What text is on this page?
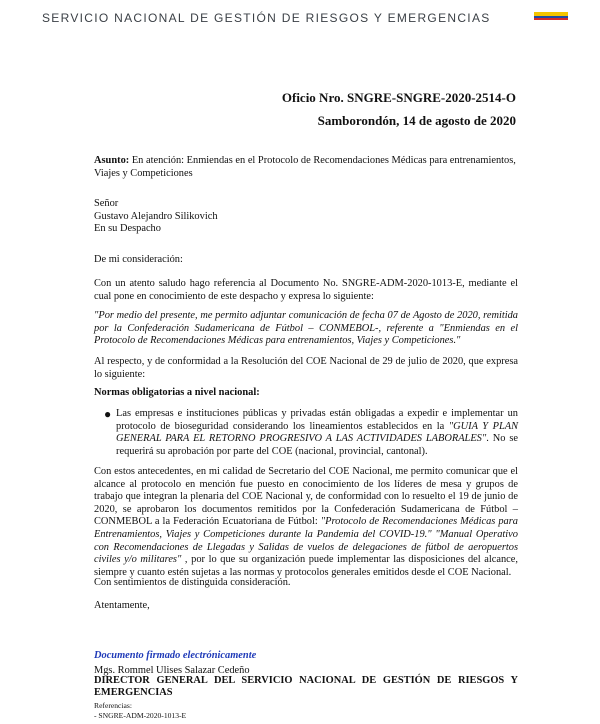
SERVICIO NACIONAL DE GESTIÓN DE RIESGOS Y EMERGENCIAS
Oficio Nro. SNGRE-SNGRE-2020-2514-O
Samborondón, 14 de agosto de 2020
Asunto: En atención: Enmiendas en el Protocolo de Recomendaciones Médicas para entrenamientos, Viajes y Competiciones
Señor
Gustavo Alejandro Silikovich
En su Despacho
De mi consideración:
Con un atento saludo hago referencia al Documento No. SNGRE-ADM-2020-1013-E, mediante el cual pone en conocimiento de este despacho y expresa lo siguiente:
"Por medio del presente, me permito adjuntar comunicación de fecha 07 de Agosto de 2020, remitida por la Confederación Sudamericana de Fútbol – CONMEBOL-, referente a "Enmiendas en el Protocolo de Recomendaciones Médicas para entrenamientos, Viajes y Competiciones."
Al respecto, y de conformidad a la Resolución del COE Nacional de 29 de julio de 2020, que expresa lo siguiente:
Normas obligatorias a nivel nacional:
● Las empresas e instituciones públicas y privadas están obligadas a expedir e implementar un protocolo de bioseguridad considerando los lineamientos establecidos en la "GUIA Y PLAN GENERAL PARA EL RETORNO PROGRESIVO A LAS ACTIVIDADES LABORALES". No se requerirá su aprobación por parte del COE (nacional, provincial, cantonal).
Con estos antecedentes, en mi calidad de Secretario del COE Nacional, me permito comunicar que el alcance al protocolo en mención fue puesto en conocimiento de los líderes de mesa y grupos de trabajo que integran la plenaria del COE Nacional y, de conformidad con lo resuelto el 19 de junio de 2020, se aprobaron los documentos remitidos por la Confederación Sudamericana de Fútbol – CONMEBOL a la Federación Ecuatoriana de Fútbol: "Protocolo de Recomendaciones Médicas para Entrenamientos, Viajes y Competiciones durante la Pandemia del COVID-19." "Manual Operativo con Recomendaciones de Llegadas y Salidas de vuelos de delegaciones de fútbol de aeropuertos civiles y/o militares" , por lo que su organización puede implementar las disposiciones del alcance, siempre y cuanto estén sujetas a las normas y protocolos generales emitidos desde el COE Nacional.
Con sentimientos de distinguida consideración.
Atentamente,
Documento firmado electrónicamente
Mgs. Rommel Ulises Salazar Cedeño
DIRECTOR GENERAL DEL SERVICIO NACIONAL DE GESTIÓN DE RIESGOS Y EMERGENCIAS
Referencias:
- SNGRE-ADM-2020-1013-E
